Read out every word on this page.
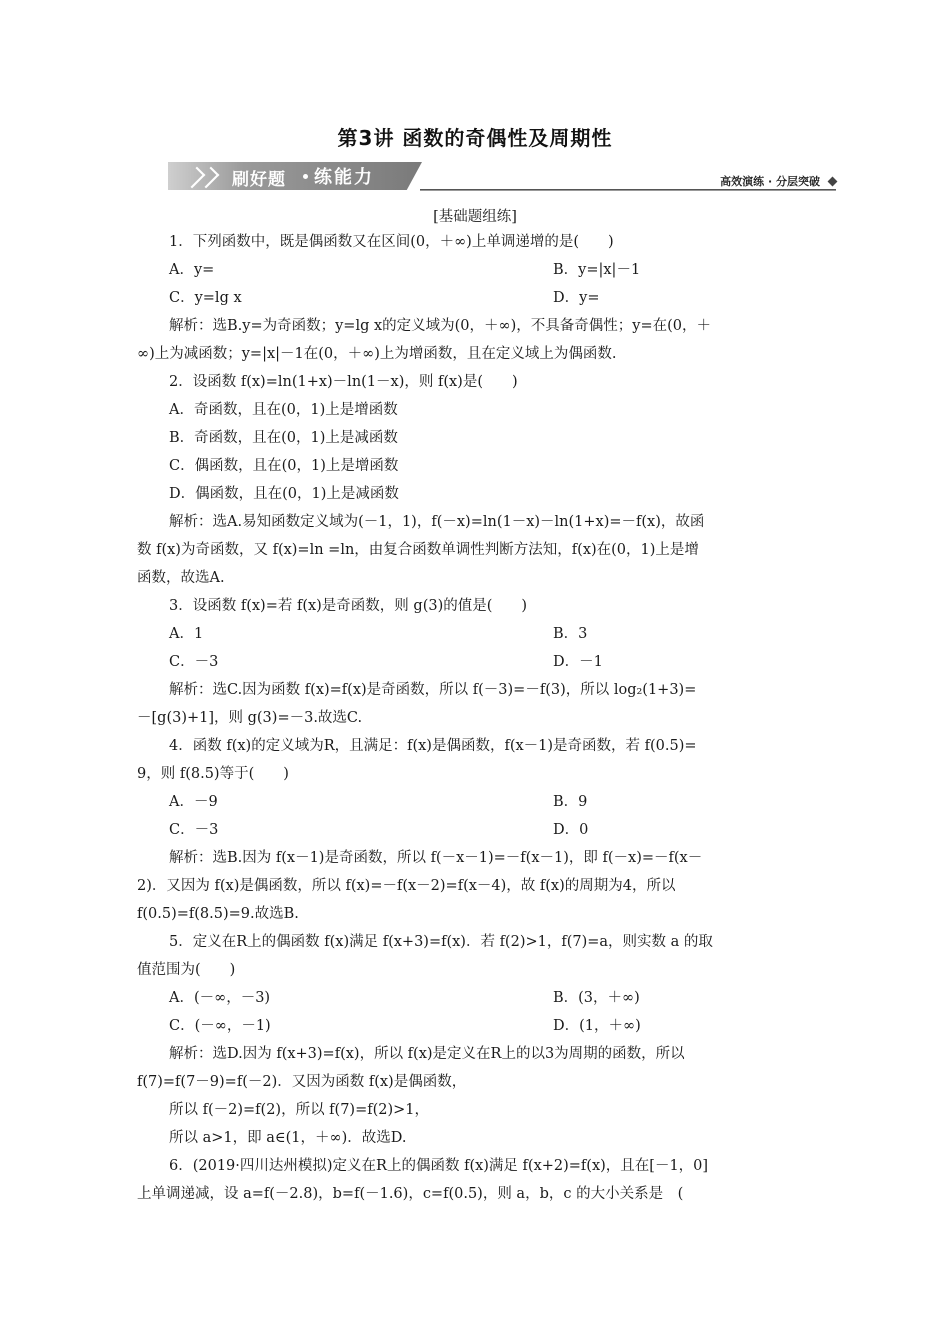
第3讲 函数的奇偶性及周期性
刷好题 练能力	高效演练 · 分层突破
[基础题组练]
1．下列函数中，既是偶函数又在区间(0，＋∞)上单调递增的是(　　)
A．y=	B．y=|x|－1
C．y=lg x	D．y=
解析：选B.y=为奇函数；y=lg x的定义域为(0，＋∞)，不具备奇偶性；y=在(0，＋
∞)上为减函数；y=|x|－1在(0，＋∞)上为增函数，且在定义域上为偶函数.
2．设函数 f(x)=ln(1+x)－ln(1－x)，则 f(x)是(　　)
A．奇函数，且在(0，1)上是增函数
B．奇函数，且在(0，1)上是减函数
C．偶函数，且在(0，1)上是增函数
D．偶函数，且在(0，1)上是减函数
解析：选A.易知函数定义域为(－1，1)，f(－x)=ln(1－x)－ln(1+x)=－f(x)，故函
数 f(x)为奇函数，又 f(x)=ln =ln，由复合函数单调性判断方法知，f(x)在(0，1)上是增
函数，故选A.
3．设函数 f(x)=若 f(x)是奇函数，则 g(3)的值是(　　)
A．1	B．3
C．－3	D．－1
解析：选C.因为函数 f(x)=f(x)是奇函数，所以 f(－3)=－f(3)，所以 log₂(1+3)=
－[g(3)+1]，则 g(3)=－3.故选C.
4．函数 f(x)的定义域为R，且满足：f(x)是偶函数，f(x－1)是奇函数，若 f(0.5)=
9，则 f(8.5)等于(　　)
A．－9	B．9
C．－3	D．0
解析：选B.因为 f(x－1)是奇函数，所以 f(－x－1)=－f(x－1)，即 f(－x)=－f(x－
2)．又因为 f(x)是偶函数，所以 f(x)=－f(x－2)=f(x－4)，故 f(x)的周期为4，所以
f(0.5)=f(8.5)=9.故选B.
5．定义在R上的偶函数 f(x)满足 f(x+3)=f(x)．若 f(2)>1，f(7)=a，则实数 a 的取
值范围为(　　)
A．(－∞，－3)	B．(3，＋∞)
C．(－∞，－1)	D．(1，＋∞)
解析：选D.因为 f(x+3)=f(x)，所以 f(x)是定义在R上的以3为周期的函数，所以
f(7)=f(7－9)=f(－2)．又因为函数 f(x)是偶函数，
所以 f(－2)=f(2)，所以 f(7)=f(2)>1，
所以 a>1，即 a∈(1，＋∞)．故选D.
6．(2019·四川达州模拟)定义在R上的偶函数 f(x)满足 f(x+2)=f(x)，且在[－1，0]
上单调递减，设 a=f(－2.8)，b=f(－1.6)，c=f(0.5)，则 a，b，c 的大小关系是　(
